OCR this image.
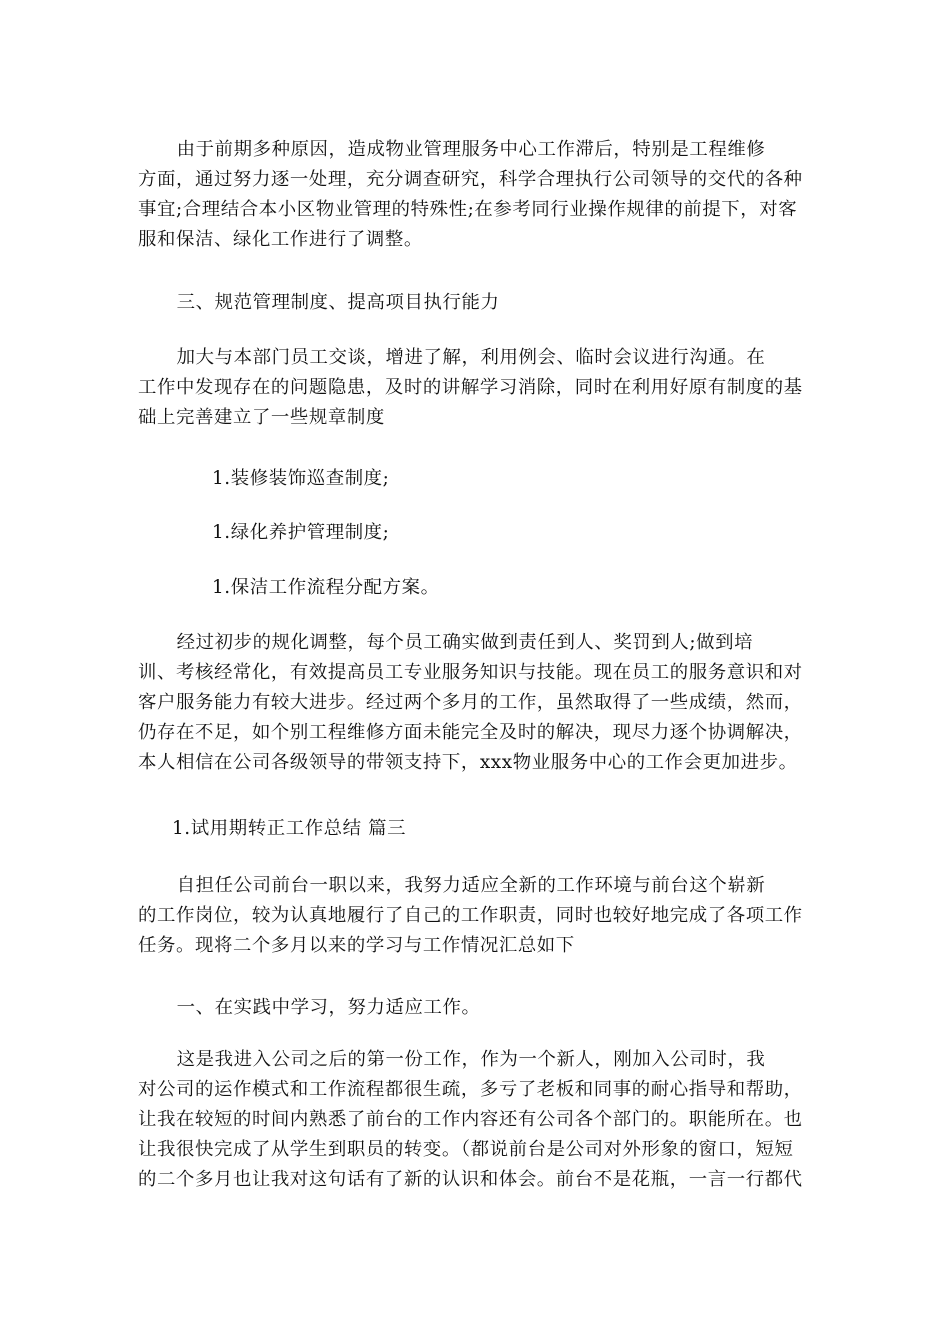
由于前期多种原因，造成物业管理服务中心工作滞后，特别是工程维修
方面，通过努力逐一处理，充分调查研究，科学合理执行公司领导的交代的各种
事宜;合理结合本小区物业管理的特殊性;在参考同行业操作规律的前提下，对客
服和保洁、绿化工作进行了调整。
三、规范管理制度、提高项目执行能力
加大与本部门员工交谈，增进了解，利用例会、临时会议进行沟通。在
工作中发现存在的问题隐患，及时的讲解学习消除，同时在利用好原有制度的基
础上完善建立了一些规章制度
1.装修装饰巡查制度;
1.绿化养护管理制度;
1.保洁工作流程分配方案。
经过初步的规化调整，每个员工确实做到责任到人、奖罚到人;做到培
训、考核经常化，有效提高员工专业服务知识与技能。现在员工的服务意识和对
客户服务能力有较大进步。经过两个多月的工作，虽然取得了一些成绩，然而，
仍存在不足，如个别工程维修方面未能完全及时的解决，现尽力逐个协调解决，
本人相信在公司各级领导的带领支持下，xxx物业服务中心的工作会更加进步。
1.试用期转正工作总结 篇三
自担任公司前台一职以来，我努力适应全新的工作环境与前台这个崭新
的工作岗位，较为认真地履行了自己的工作职责，同时也较好地完成了各项工作
任务。现将二个多月以来的学习与工作情况汇总如下
一、在实践中学习，努力适应工作。
这是我进入公司之后的第一份工作，作为一个新人，刚加入公司时，我
对公司的运作模式和工作流程都很生疏，多亏了老板和同事的耐心指导和帮助，
让我在较短的时间内熟悉了前台的工作内容还有公司各个部门的。职能所在。也
让我很快完成了从学生到职员的转变。（都说前台是公司对外形象的窗口，短短
的二个多月也让我对这句话有了新的认识和体会。前台不是花瓶，一言一行都代
